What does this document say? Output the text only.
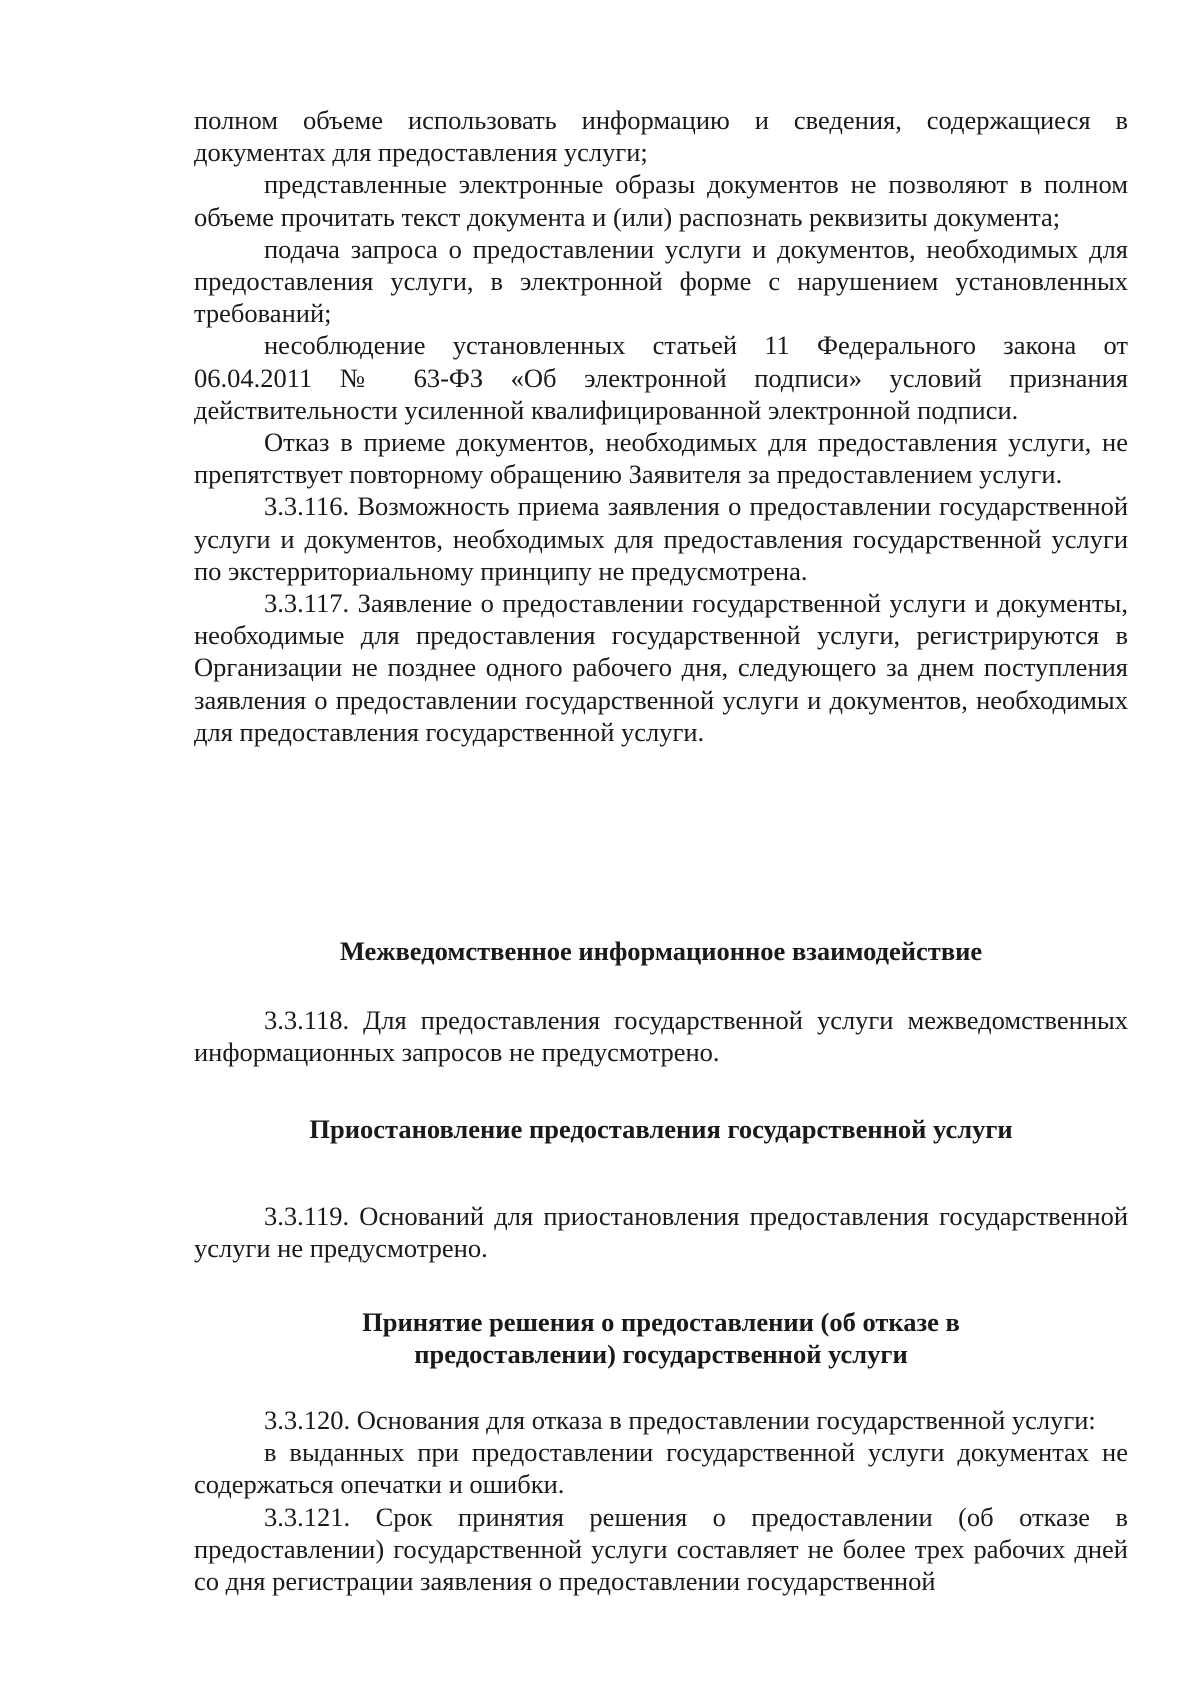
полном объеме использовать информацию и сведения, содержащиеся в документах для предоставления услуги;

представленные электронные образы документов не позволяют в полном объеме прочитать текст документа и (или) распознать реквизиты документа;

подача запроса о предоставлении услуги и документов, необходимых для предоставления услуги, в электронной форме с нарушением установленных требований;

несоблюдение установленных статьей 11 Федерального закона от 06.04.2011 № 63-ФЗ «Об электронной подписи» условий признания действительности усиленной квалифицированной электронной подписи.

Отказ в приеме документов, необходимых для предоставления услуги, не препятствует повторному обращению Заявителя за предоставлением услуги.

3.3.116. Возможность приема заявления о предоставлении государственной услуги и документов, необходимых для предоставления государственной услуги по экстерриториальному принципу не предусмотрена.

3.3.117. Заявление о предоставлении государственной услуги и документы, необходимые для предоставления государственной услуги, регистрируются в Организации не позднее одного рабочего дня, следующего за днем поступления заявления о предоставлении государственной услуги и документов, необходимых для предоставления государственной услуги.

Межведомственное информационное взаимодействие

3.3.118. Для предоставления государственной услуги межведомственных информационных запросов не предусмотрено.

Приостановление предоставления государственной услуги

3.3.119. Оснований для приостановления предоставления государственной услуги не предусмотрено.

Принятие решения о предоставлении (об отказе в
предоставлении) государственной услуги

3.3.120. Основания для отказа в предоставлении государственной услуги:

в выданных при предоставлении государственной услуги документах не содержаться опечатки и ошибки.

3.3.121. Срок принятия решения о предоставлении (об отказе в предоставлении) государственной услуги составляет не более трех рабочих дней со дня регистрации заявления о предоставлении государственной
